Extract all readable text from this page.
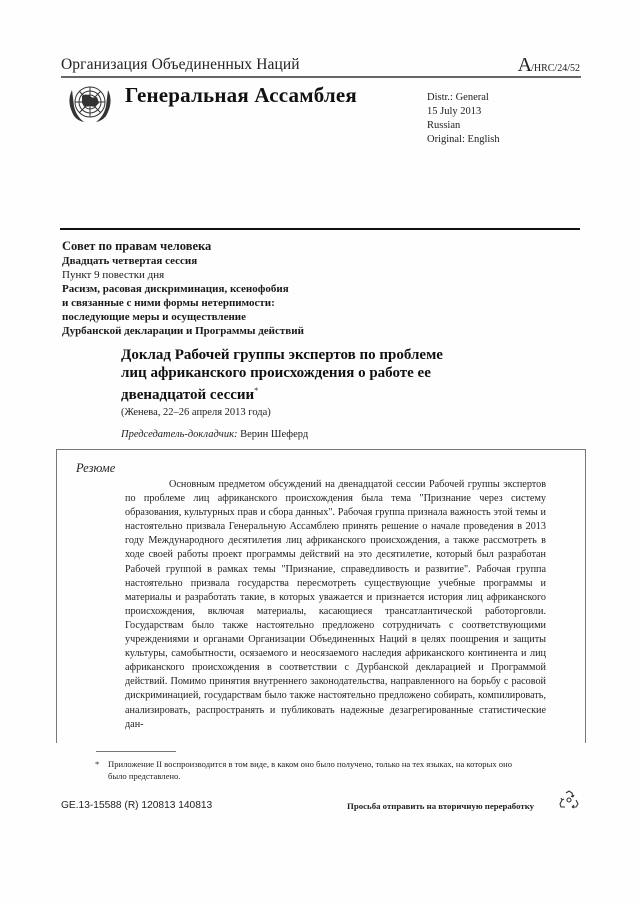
Организация Объединенных Наций	A/HRC/24/52
Генеральная Ассамблея	Distr.: General
15 July 2013
Russian
Original: English
Совет по правам человека
Двадцать четвертая сессия
Пункт 9 повестки дня
Расизм, расовая дискриминация, ксенофобия
и связанные с ними формы нетерпимости:
последующие меры и осуществление
Дурбанской декларации и Программы действий
Доклад Рабочей группы экспертов по проблеме
лиц африканского происхождения о работе ее
двенадцатой сессии*
(Женева, 22–26 апреля 2013 года)
Председатель-докладчик: Верин Шеферд
Резюме
Основным предметом обсуждений на двенадцатой сессии Рабочей группы экспертов по проблеме лиц африканского происхождения была тема "Признание через систему образования, культурных прав и сбора данных". Рабочая группа признала важность этой темы и настоятельно призвала Генеральную Ассамблею принять решение о начале проведения в 2013 году Международного десятилетия лиц африканского происхождения, а также рассмотреть в ходе своей работы проект программы действий на это десятилетие, который был разработан Рабочей группой в рамках темы "Признание, справедливость и развитие". Рабочая группа настоятельно призвала государства пересмотреть существующие учебные программы и материалы и разработать такие, в которых уважается и признается история лиц африканского происхождения, включая материалы, касающиеся трансатлантической работорговли. Государствам было также настоятельно предложено сотрудничать с соответствующими учреждениями и органами Организации Объединенных Наций в целях поощрения и защиты культуры, самобытности, осязаемого и неосязаемого наследия африканского континента и лиц африканского происхождения в соответствии с Дурбанской декларацией и Программой действий. Помимо принятия внутреннего законодательства, направленного на борьбу с расовой дискриминацией, государствам было также настоятельно предложено собирать, компилировать, анализировать, распространять и публиковать надежные дезагрегированные статистические дан-
* Приложение II воспроизводится в том виде, в каком оно было получено, только на тех языках, на которых оно было представлено.
GE.13-15588 (R) 120813 140813	Просьба отправить на вторичную переработку
